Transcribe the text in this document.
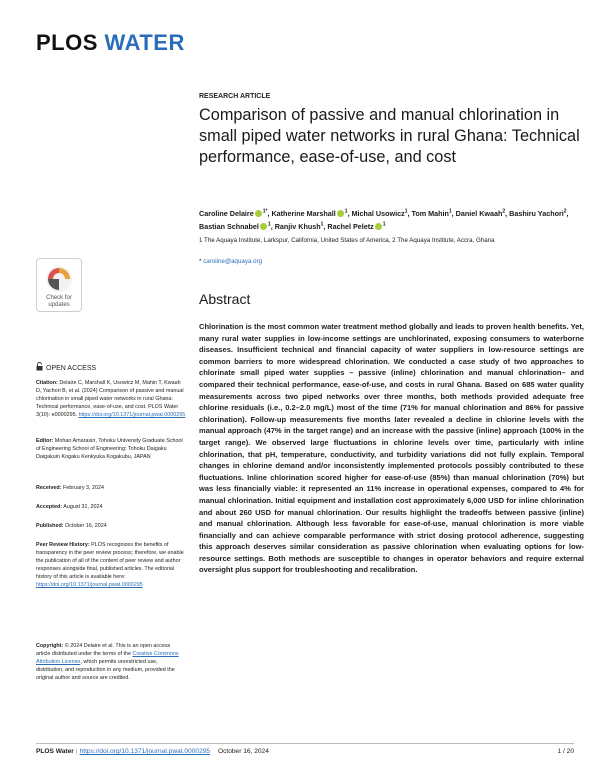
PLOS WATER
RESEARCH ARTICLE
Comparison of passive and manual chlorination in small piped water networks in rural Ghana: Technical performance, ease-of-use, and cost
Caroline Delaire $^{1*}$, Katherine Marshall $^1$, Michal Usowicz$^1$, Tom Mahin$^1$, Daniel Kwaah$^2$, Bashiru Yachori$^2$, Bastian Schnabel $^1$, Ranjiv Khush$^1$, Rachel Peletz $^1$
1 The Aquaya Institute, Larkspur, California, United States of America, 2 The Aquaya Institute, Accra, Ghana
* caroline@aquaya.org
Check for
updates
OPEN ACCESS
Citation: Delaire C, Marshall K, Usowicz M, Mahin T, Kwaah D, Yachori B, et al. (2024) Comparison of passive and manual chlorination in small piped water networks in rural Ghana: Technical performance, ease-of-use, and cost. PLOS Water 3(10): e0000295. https://doi.org/10.1371/journal.pwat.0000295
Editor: Mohan Amarasiri, Tohoku University Graduate School of Engineering School of Engineering: Tohoku Daigaku Daigakuin Kogaku Kenkyuka Kogakubu, JAPAN
Received: February 3, 2024
Accepted: August 31, 2024
Published: October 16, 2024
Peer Review History: PLOS recognizes the benefits of transparency in the peer review process; therefore, we enable the publication of all of the content of peer review and author responses alongside final, published articles. The editorial history of this article is available here: https://doi.org/10.1371/journal.pwat.0000295
Copyright: © 2024 Delaire et al. This is an open access article distributed under the terms of the Creative Commons Attribution License, which permits unrestricted use, distribution, and reproduction in any medium, provided the original author and source are credited.
Abstract
Chlorination is the most common water treatment method globally and leads to proven health benefits. Yet, many rural water supplies in low-income settings are unchlorinated, exposing consumers to waterborne diseases. Insufficient technical and financial capacity of water suppliers in low-resource settings are common barriers to more widespread chlorination. We conducted a case study of two approaches to chlorinate small piped water supplies – passive (inline) chlorination and manual chlorination– and compared their technical performance, ease-of-use, and costs in rural Ghana. Based on 685 water quality measurements across two piped networks over three months, both methods provided adequate free chlorine residuals (i.e., 0.2–2.0 mg/L) most of the time (71% for manual chlorination and 86% for passive chlorination). Follow-up measurements five months later revealed a decline in chlorine levels with the manual approach (47% in the target range) and an increase with the passive (inline) approach (100% in the target range). We observed large fluctuations in chlorine levels over time, particularly with inline chlorination, that pH, temperature, conductivity, and turbidity variations did not fully explain. Temporal changes in chlorine demand and/or inconsistently implemented protocols possibly contributed to these fluctuations. Inline chlorination scored higher for ease-of-use (85%) than manual chlorination (70%) but was less financially viable: it represented an 11% increase in operational expenses, compared to 4% for manual chlorination. Initial equipment and installation cost approximately 6,000 USD for inline chlorination and about 260 USD for manual chlorination. Our results highlight the tradeoffs between passive (inline) and manual chlorination. Although less favorable for ease-of-use, manual chlorination is more viable financially and can achieve comparable performance with strict dosing protocol adherence, suggesting this approach deserves similar consideration as passive chlorination when evaluating options for low-resource settings. Both methods are susceptible to changes in operator behaviors and require external oversight plus support for troubleshooting and recalibration.
PLOS Water | https://doi.org/10.1371/journal.pwat.0000295 October 16, 2024	1 / 20
